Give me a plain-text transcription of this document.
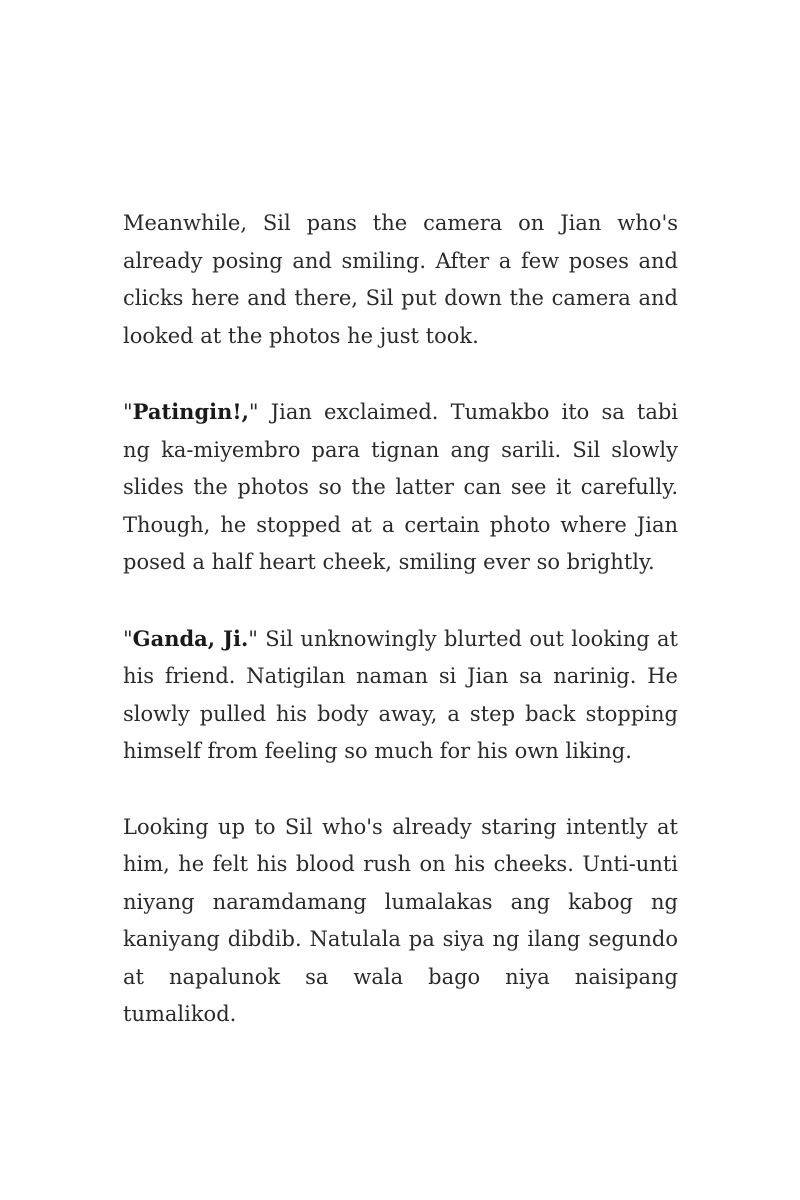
Meanwhile, Sil pans the camera on Jian who's already posing and smiling. After a few poses and clicks here and there, Sil put down the camera and looked at the photos he just took.

"Patingin!," Jian exclaimed. Tumakbo ito sa tabi ng ka-miyembro para tignan ang sarili. Sil slowly slides the photos so the latter can see it carefully. Though, he stopped at a certain photo where Jian posed a half heart cheek, smiling ever so brightly.

"Ganda, Ji." Sil unknowingly blurted out looking at his friend. Natigilan naman si Jian sa narinig. He slowly pulled his body away, a step back stopping himself from feeling so much for his own liking.

Looking up to Sil who's already staring intently at him, he felt his blood rush on his cheeks. Unti-unti niyang naramdamang lumalakas ang kabog ng kaniyang dibdib. Natulala pa siya ng ilang segundo at napalunok sa wala bago niya naisipang tumalikod.
